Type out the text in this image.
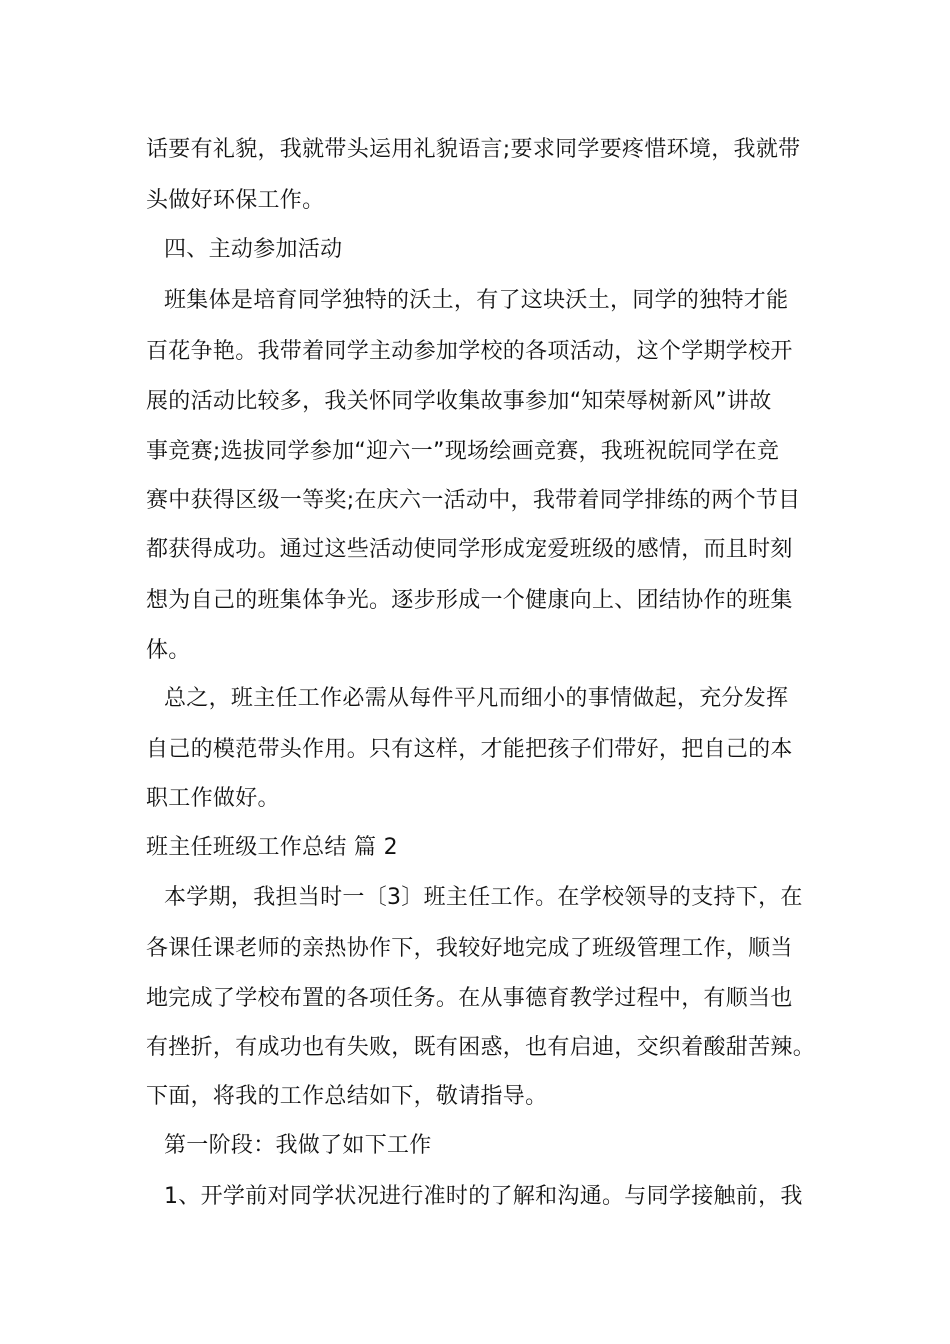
话要有礼貌，我就带头运用礼貌语言;要求同学要疼惜环境，我就带
头做好环保工作。
四、主动参加活动
班集体是培育同学独特的沃土，有了这块沃土，同学的独特才能
百花争艳。我带着同学主动参加学校的各项活动，这个学期学校开
展的活动比较多，我关怀同学收集故事参加“知荣辱树新风”讲故
事竞赛;选拔同学参加“迎六一”现场绘画竞赛，我班祝皖同学在竞
赛中获得区级一等奖;在庆六一活动中，我带着同学排练的两个节目
都获得成功。通过这些活动使同学形成宠爱班级的感情，而且时刻
想为自己的班集体争光。逐步形成一个健康向上、团结协作的班集
体。
总之，班主任工作必需从每件平凡而细小的事情做起，充分发挥
自己的模范带头作用。只有这样，才能把孩子们带好，把自己的本
职工作做好。
班主任班级工作总结 篇 2
本学期，我担当时一〔3〕班主任工作。在学校领导的支持下，在
各课任课老师的亲热协作下，我较好地完成了班级管理工作，顺当
地完成了学校布置的各项任务。在从事德育教学过程中，有顺当也
有挫折，有成功也有失败，既有困惑，也有启迪，交织着酸甜苦辣。
下面，将我的工作总结如下，敬请指导。
第一阶段：我做了如下工作
1、开学前对同学状况进行准时的了解和沟通。与同学接触前，我
